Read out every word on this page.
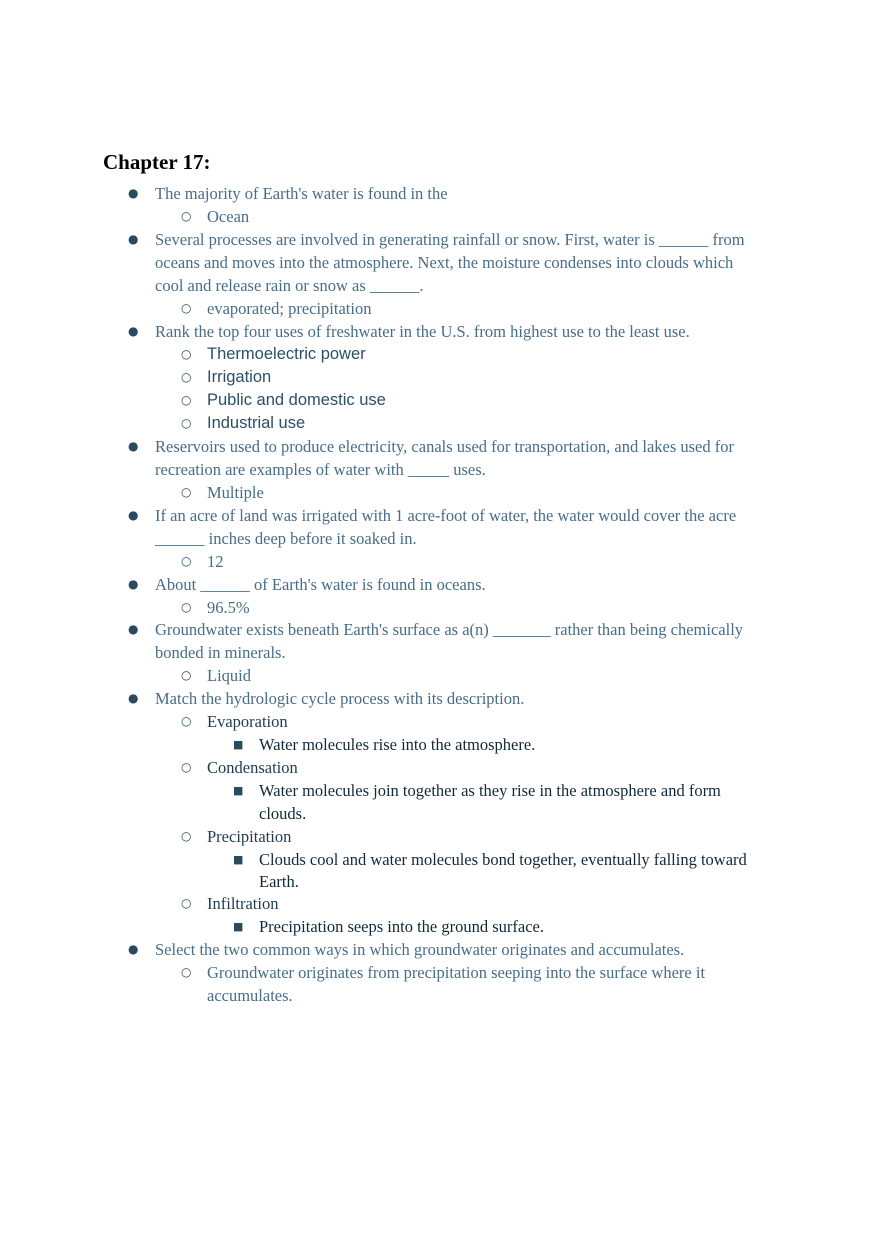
Chapter 17:
● The majority of Earth's water is found in the
○ Ocean
● Several processes are involved in generating rainfall or snow. First, water is ______ from
oceans and moves into the atmosphere. Next, the moisture condenses into clouds which
cool and release rain or snow as ______.
○ evaporated; precipitation
● Rank the top four uses of freshwater in the U.S. from highest use to the least use.
○ Thermoelectric power
○ Irrigation
○ Public and domestic use
○ Industrial use
● Reservoirs used to produce electricity, canals used for transportation, and lakes used for
recreation are examples of water with _____ uses.
○ Multiple
● If an acre of land was irrigated with 1 acre-foot of water, the water would cover the acre
______ inches deep before it soaked in.
○ 12
● About ______ of Earth's water is found in oceans.
○ 96.5%
● Groundwater exists beneath Earth's surface as a(n) _______ rather than being chemically
bonded in minerals.
○ Liquid
● Match the hydrologic cycle process with its description.
○ Evaporation
■ Water molecules rise into the atmosphere.
○ Condensation
■ Water molecules join together as they rise in the atmosphere and form
clouds.
○ Precipitation
■ Clouds cool and water molecules bond together, eventually falling toward
Earth.
○ Infiltration
■ Precipitation seeps into the ground surface.
● Select the two common ways in which groundwater originates and accumulates.
○ Groundwater originates from precipitation seeping into the surface where it
accumulates.
